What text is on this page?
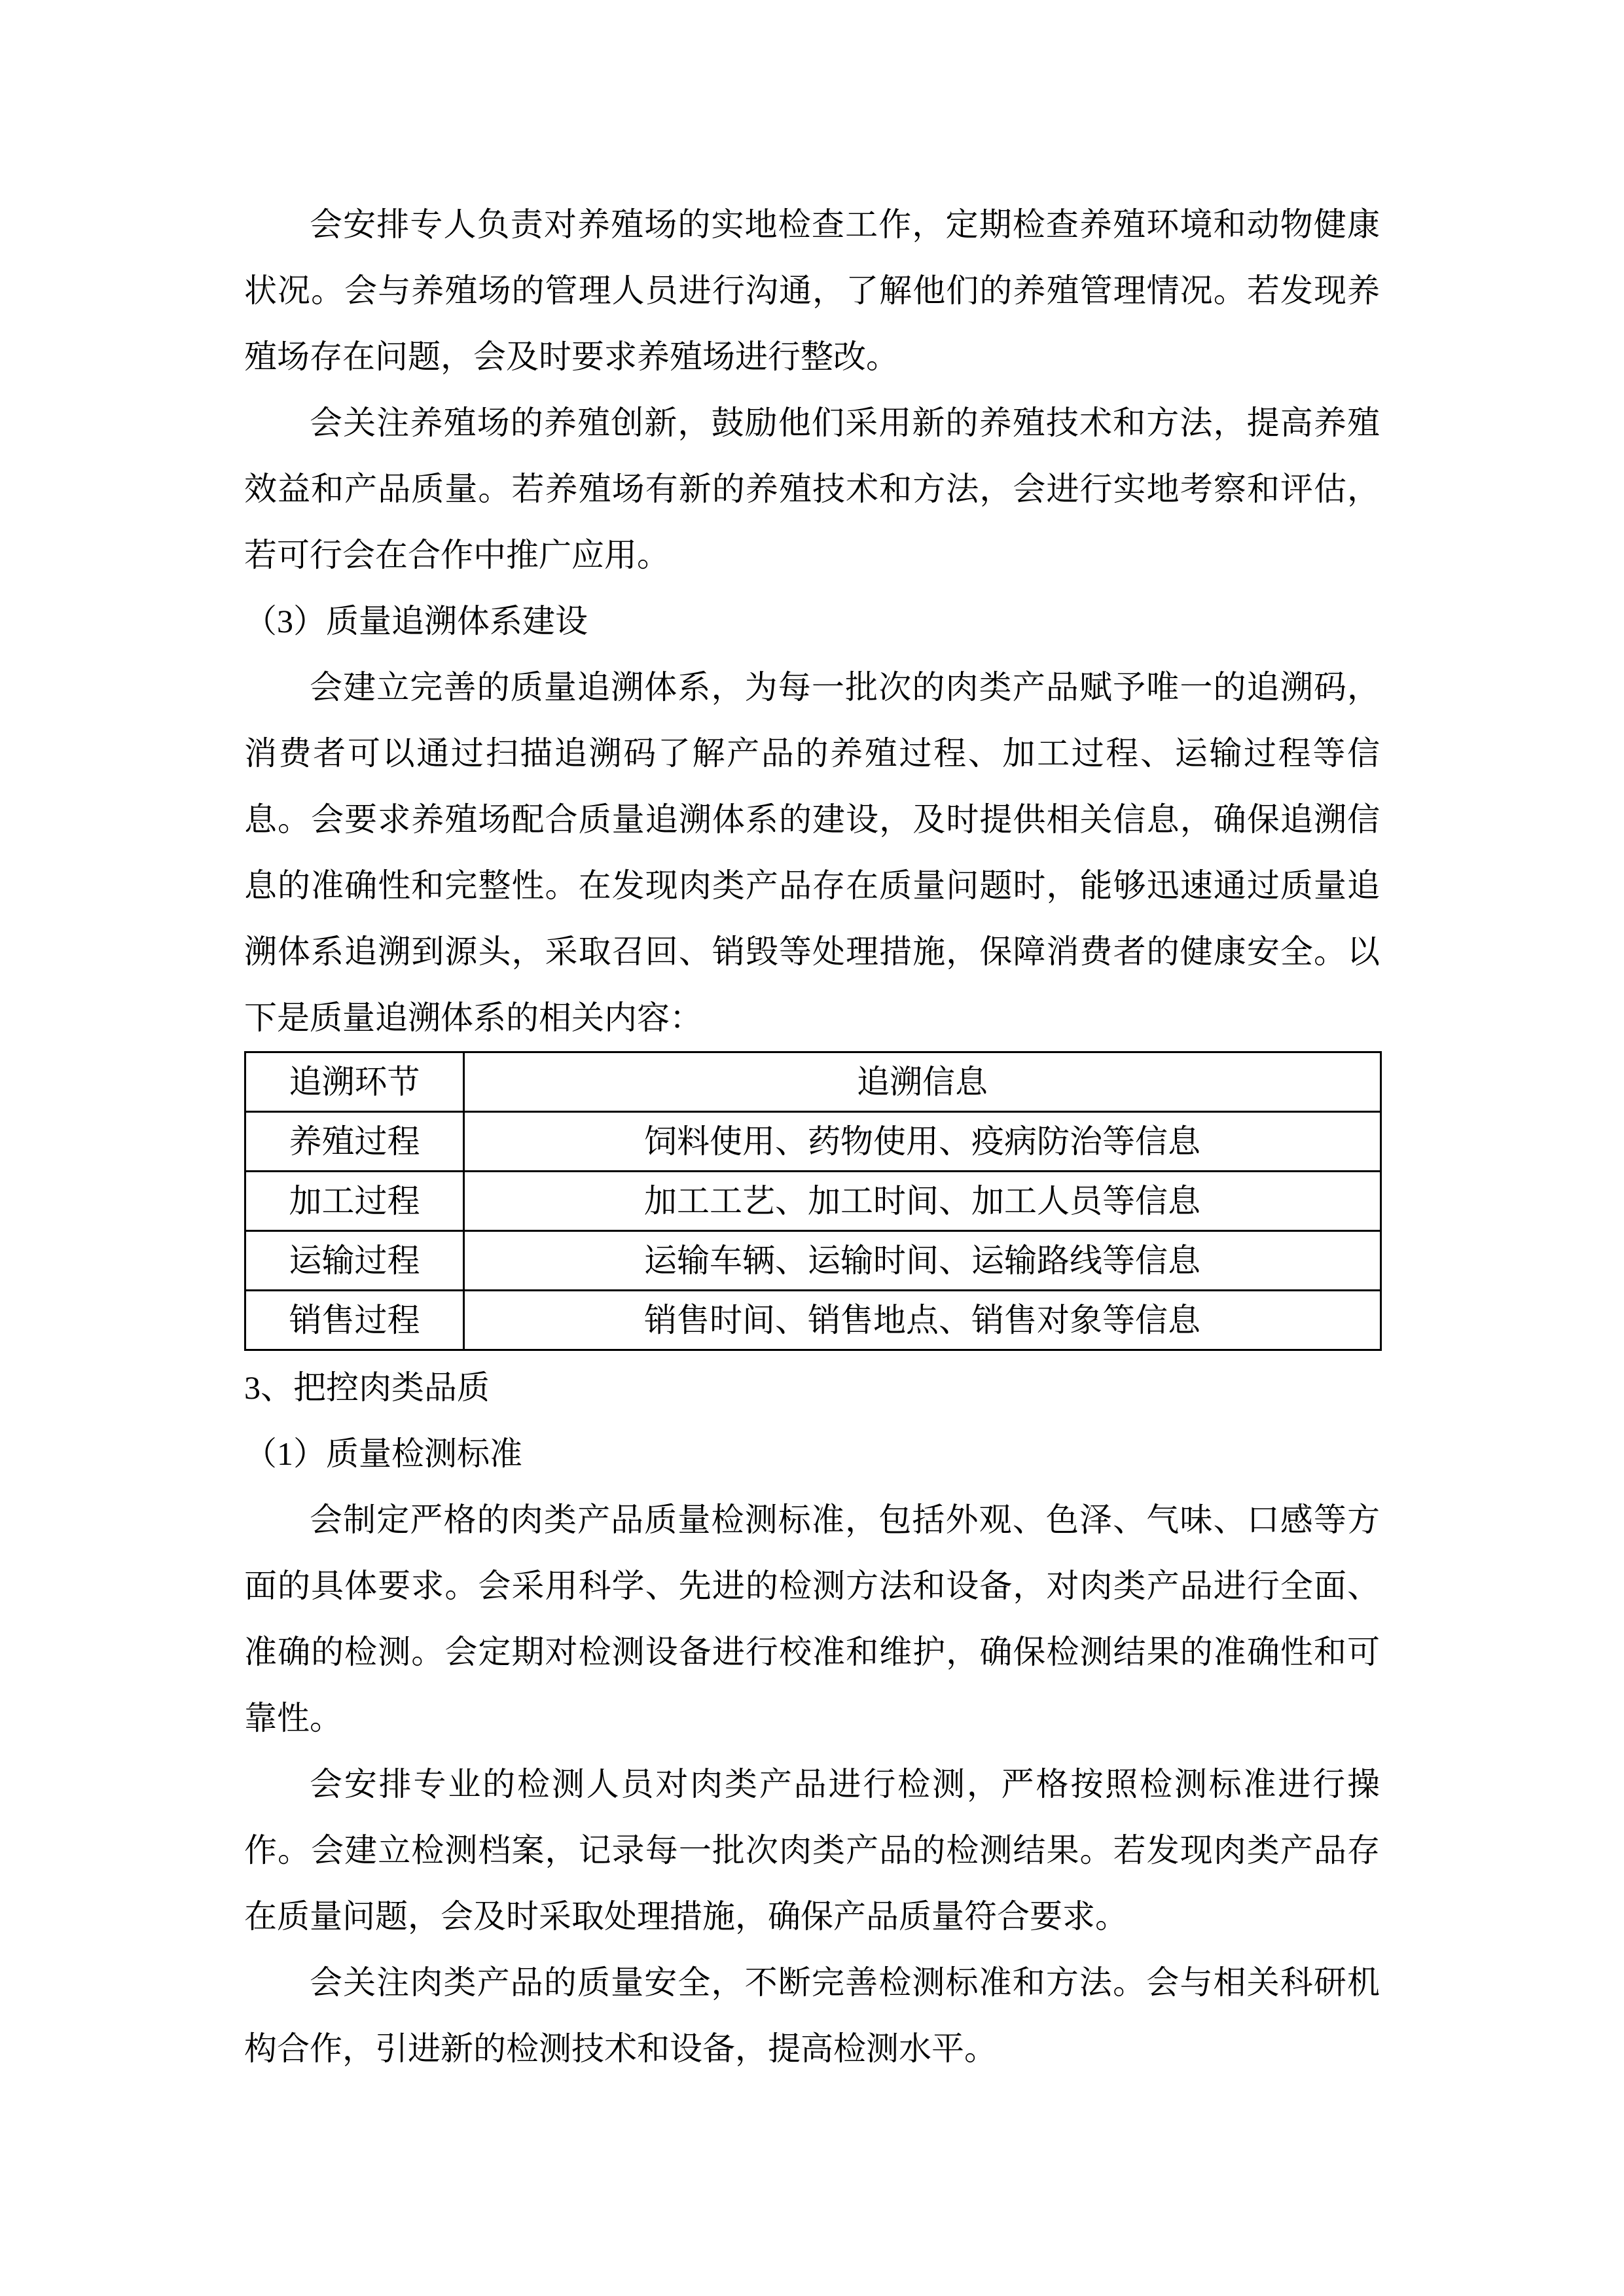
会安排专人负责对养殖场的实地检查工作，定期检查养殖环境和动物健康状况。会与养殖场的管理人员进行沟通，了解他们的养殖管理情况。若发现养殖场存在问题，会及时要求养殖场进行整改。

会关注养殖场的养殖创新，鼓励他们采用新的养殖技术和方法，提高养殖效益和产品质量。若养殖场有新的养殖技术和方法，会进行实地考察和评估，若可行会在合作中推广应用。

（3）质量追溯体系建设

会建立完善的质量追溯体系，为每一批次的肉类产品赋予唯一的追溯码，消费者可以通过扫描追溯码了解产品的养殖过程、加工过程、运输过程等信息。会要求养殖场配合质量追溯体系的建设，及时提供相关信息，确保追溯信息的准确性和完整性。在发现肉类产品存在质量问题时，能够迅速通过质量追溯体系追溯到源头，采取召回、销毁等处理措施，保障消费者的健康安全。以下是质量追溯体系的相关内容：

追溯环节	追溯信息
养殖过程	饲料使用、药物使用、疫病防治等信息
加工过程	加工工艺、加工时间、加工人员等信息
运输过程	运输车辆、运输时间、运输路线等信息
销售过程	销售时间、销售地点、销售对象等信息

3、把控肉类品质

（1）质量检测标准

会制定严格的肉类产品质量检测标准，包括外观、色泽、气味、口感等方面的具体要求。会采用科学、先进的检测方法和设备，对肉类产品进行全面、准确的检测。会定期对检测设备进行校准和维护，确保检测结果的准确性和可靠性。

会安排专业的检测人员对肉类产品进行检测，严格按照检测标准进行操作。会建立检测档案，记录每一批次肉类产品的检测结果。若发现肉类产品存在质量问题，会及时采取处理措施，确保产品质量符合要求。

会关注肉类产品的质量安全，不断完善检测标准和方法。会与相关科研机构合作，引进新的检测技术和设备，提高检测水平。
